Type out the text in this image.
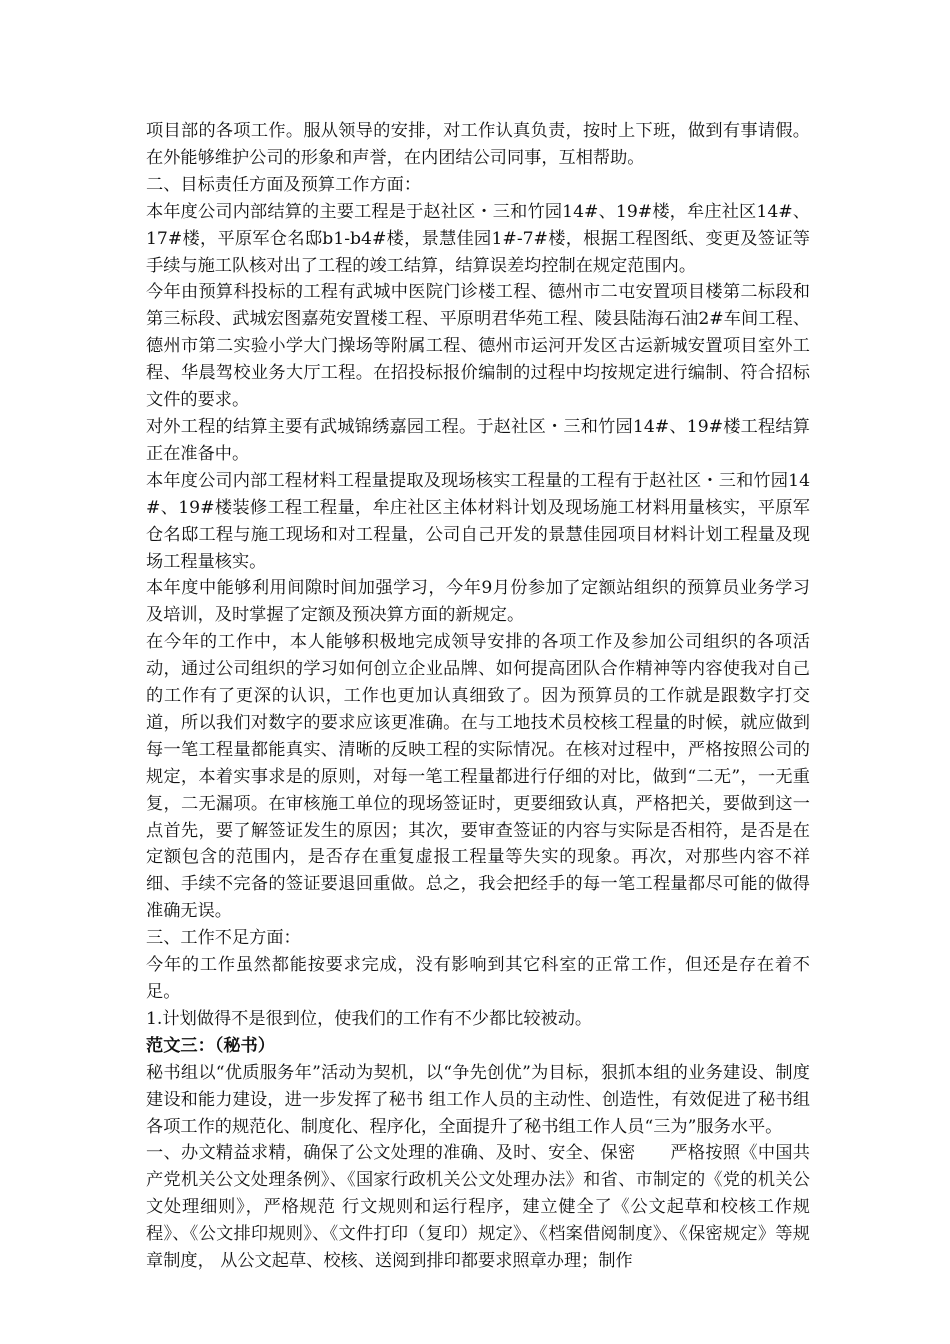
项目部的各项工作。服从领导的安排，对工作认真负责，按时上下班，做到有事请假。在外能够维护公司的形象和声誉，在内团结公司同事，互相帮助。

二、目标责任方面及预算工作方面：

本年度公司内部结算的主要工程是于赵社区・三和竹园14#、19#楼，牟庄社区14#、17#楼，平原军仓名邸b1-b4#楼，景慧佳园1#-7#楼，根据工程图纸、变更及签证等手续与施工队核对出了工程的竣工结算，结算误差均控制在规定范围内。

今年由预算科投标的工程有武城中医院门诊楼工程、德州市二屯安置项目楼第二标段和第三标段、武城宏图嘉苑安置楼工程、平原明君华苑工程、陵县陆海石油2#车间工程、德州市第二实验小学大门操场等附属工程、德州市运河开发区古运新城安置项目室外工程、华晨驾校业务大厅工程。在招投标报价编制的过程中均按规定进行编制、符合招标文件的要求。

对外工程的结算主要有武城锦绣嘉园工程。于赵社区・三和竹园14#、19#楼工程结算正在准备中。

本年度公司内部工程材料工程量提取及现场核实工程量的工程有于赵社区・三和竹园14#、19#楼装修工程工程量，牟庄社区主体材料计划及现场施工材料用量核实，平原军仓名邸工程与施工现场和对工程量，公司自己开发的景慧佳园项目材料计划工程量及现场工程量核实。

本年度中能够利用间隙时间加强学习，今年9月份参加了定额站组织的预算员业务学习及培训，及时掌握了定额及预决算方面的新规定。

在今年的工作中，本人能够积极地完成领导安排的各项工作及参加公司组织的各项活动，通过公司组织的学习如何创立企业品牌、如何提高团队合作精神等内容使我对自己的工作有了更深的认识，工作也更加认真细致了。因为预算员的工作就是跟数字打交道，所以我们对数字的要求应该更准确。在与工地技术员校核工程量的时候，就应做到每一笔工程量都能真实、清晰的反映工程的实际情况。在核对过程中，严格按照公司的规定，本着实事求是的原则，对每一笔工程量都进行仔细的对比，做到“二无”，一无重复，二无漏项。在审核施工单位的现场签证时，更要细致认真，严格把关，要做到这一点首先，要了解签证发生的原因；其次，要审查签证的内容与实际是否相符，是否是在定额包含的范围内，是否存在重复虚报工程量等失实的现象。再次，对那些内容不祥细、手续不完备的签证要退回重做。总之，我会把经手的每一笔工程量都尽可能的做得准确无误。

三、工作不足方面：

今年的工作虽然都能按要求完成，没有影响到其它科室的正常工作，但还是存在着不足。

1.计划做得不是很到位，使我们的工作有不少都比较被动。

范文三：（秘书）

秘书组以“优质服务年”活动为契机，以“争先创优”为目标，狠抓本组的业务建设、制度建设和能力建设，进一步发挥了秘书 组工作人员的主动性、创造性，有效促进了秘书组各项工作的规范化、制度化、程序化，全面提升了秘书组工作人员“三为”服务水平。

一、办文精益求精，确保了公文处理的准确、及时、安全、保密　　严格按照《中国共产党机关公文处理条例》、《国家行政机关公文处理办法》和省、市制定的《党的机关公文处理细则》，严格规范 行文规则和运行程序，建立健全了《公文起草和校核工作规程》、《公文排印规则》、《文件打印（复印）规定》、《档案借阅制度》、《保密规定》等规章制度， 从公文起草、校核、送阅到排印都要求照章办理；制作
